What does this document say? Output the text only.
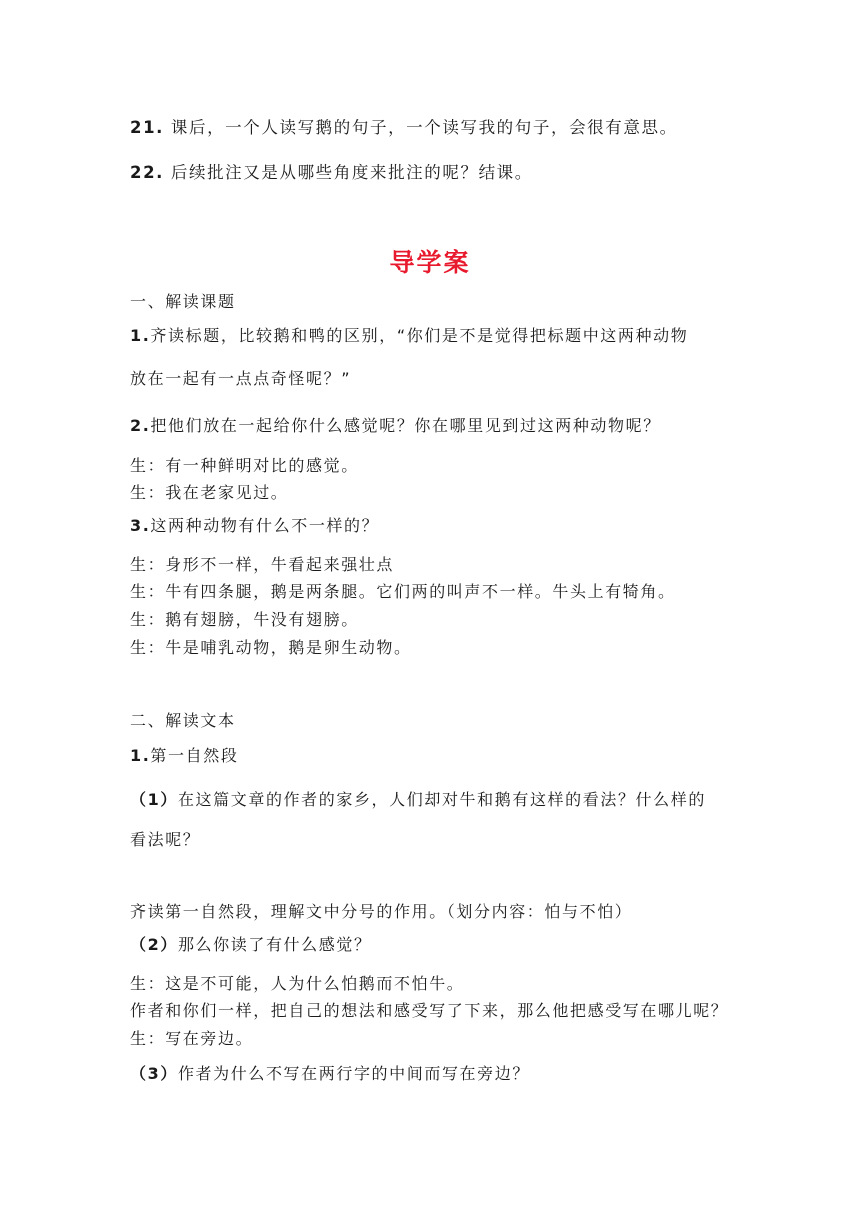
21. 课后，一个人读写鹅的句子，一个读写我的句子，会很有意思。

22. 后续批注又是从哪些角度来批注的呢？结课。

导学案

一、解读课题

1.齐读标题，比较鹅和鸭的区别，“你们是不是觉得把标题中这两种动物

放在一起有一点点奇怪呢？”

2.把他们放在一起给你什么感觉呢？你在哪里见到过这两种动物呢？

生：有一种鲜明对比的感觉。

生：我在老家见过。

3.这两种动物有什么不一样的？

生：身形不一样，牛看起来强壮点

生：牛有四条腿，鹅是两条腿。它们两的叫声不一样。牛头上有犄角。

生：鹅有翅膀，牛没有翅膀。

生：牛是哺乳动物，鹅是卵生动物。

二、解读文本

1.第一自然段

（1）在这篇文章的作者的家乡，人们却对牛和鹅有这样的看法？什么样的

看法呢？

齐读第一自然段，理解文中分号的作用。（划分内容：怕与不怕）

（2）那么你读了有什么感觉？

生：这是不可能，人为什么怕鹅而不怕牛。

作者和你们一样，把自己的想法和感受写了下来，那么他把感受写在哪儿呢？

生：写在旁边。

（3）作者为什么不写在两行字的中间而写在旁边？
